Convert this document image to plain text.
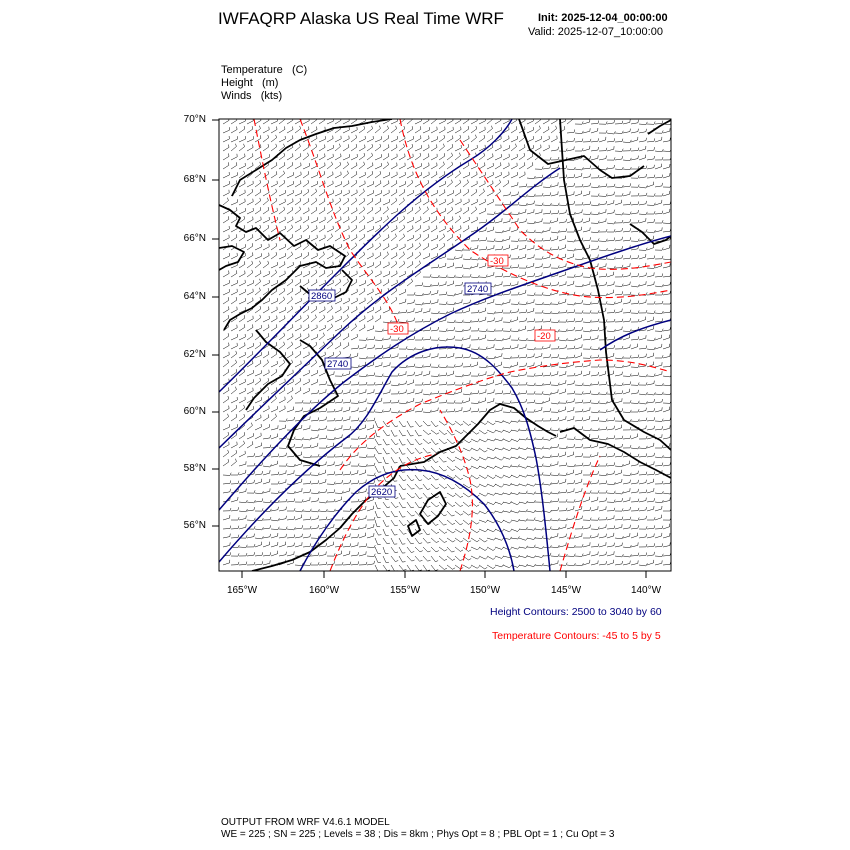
IWFAQRP Alaska US Real Time WRF	Init: 2025-12-04_00:00:00
Valid: 2025-12-07_10:00:00
Temperature (C)
Height (m)
Winds (kts)
2860
2740
2740
2620
-30
-30
-20
70°N
68°N
66°N
64°N
62°N
60°N
58°N
56°N
165°W	160°W	155°W	150°W	145°W	140°W
Height Contours: 2500 to 3040 by 60
Temperature Contours: -45 to 5 by 5
OUTPUT FROM WRF V4.6.1 MODEL
WE = 225 ; SN = 225 ; Levels = 38 ; Dis = 8km ; Phys Opt = 8 ; PBL Opt = 1 ; Cu Opt = 3
